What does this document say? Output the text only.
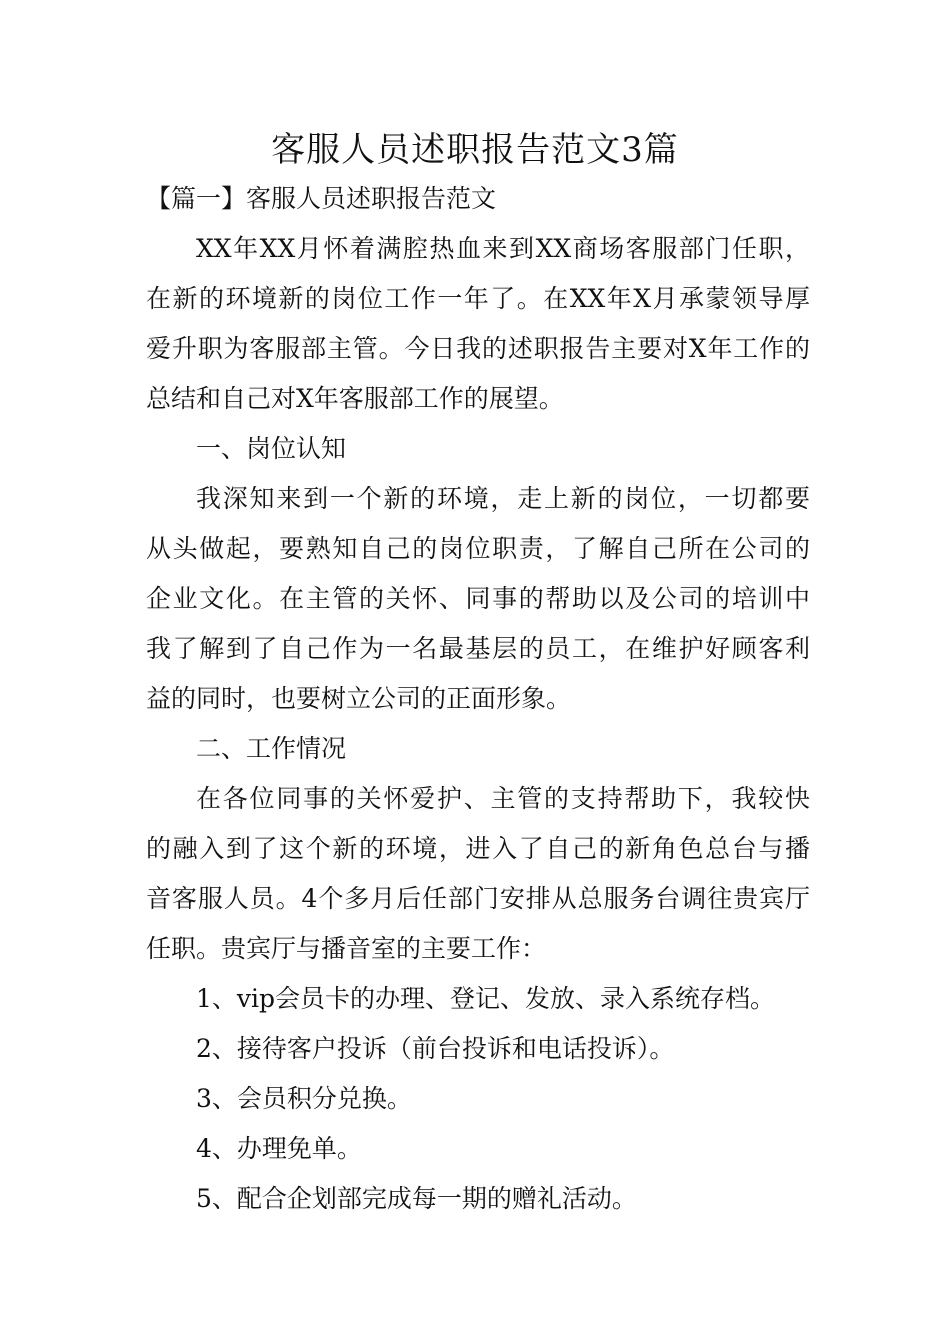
客服人员述职报告范文3篇

【篇一】客服人员述职报告范文

XX年XX月怀着满腔热血来到XX商场客服部门任职，

在新的环境新的岗位工作一年了。在XX年X月承蒙领导厚

爱升职为客服部主管。今日我的述职报告主要对X年工作的

总结和自己对X年客服部工作的展望。

一、岗位认知

我深知来到一个新的环境，走上新的岗位，一切都要

从头做起，要熟知自己的岗位职责，了解自己所在公司的

企业文化。在主管的关怀、同事的帮助以及公司的培训中

我了解到了自己作为一名最基层的员工，在维护好顾客利

益的同时，也要树立公司的正面形象。

二、工作情况

在各位同事的关怀爱护、主管的支持帮助下，我较快

的融入到了这个新的环境，进入了自己的新角色总台与播

音客服人员。4个多月后任部门安排从总服务台调往贵宾厅

任职。贵宾厅与播音室的主要工作：

1、vip会员卡的办理、登记、发放、录入系统存档。

2、接待客户投诉（前台投诉和电话投诉）。

3、会员积分兑换。

4、办理免单。

5、配合企划部完成每一期的赠礼活动。
